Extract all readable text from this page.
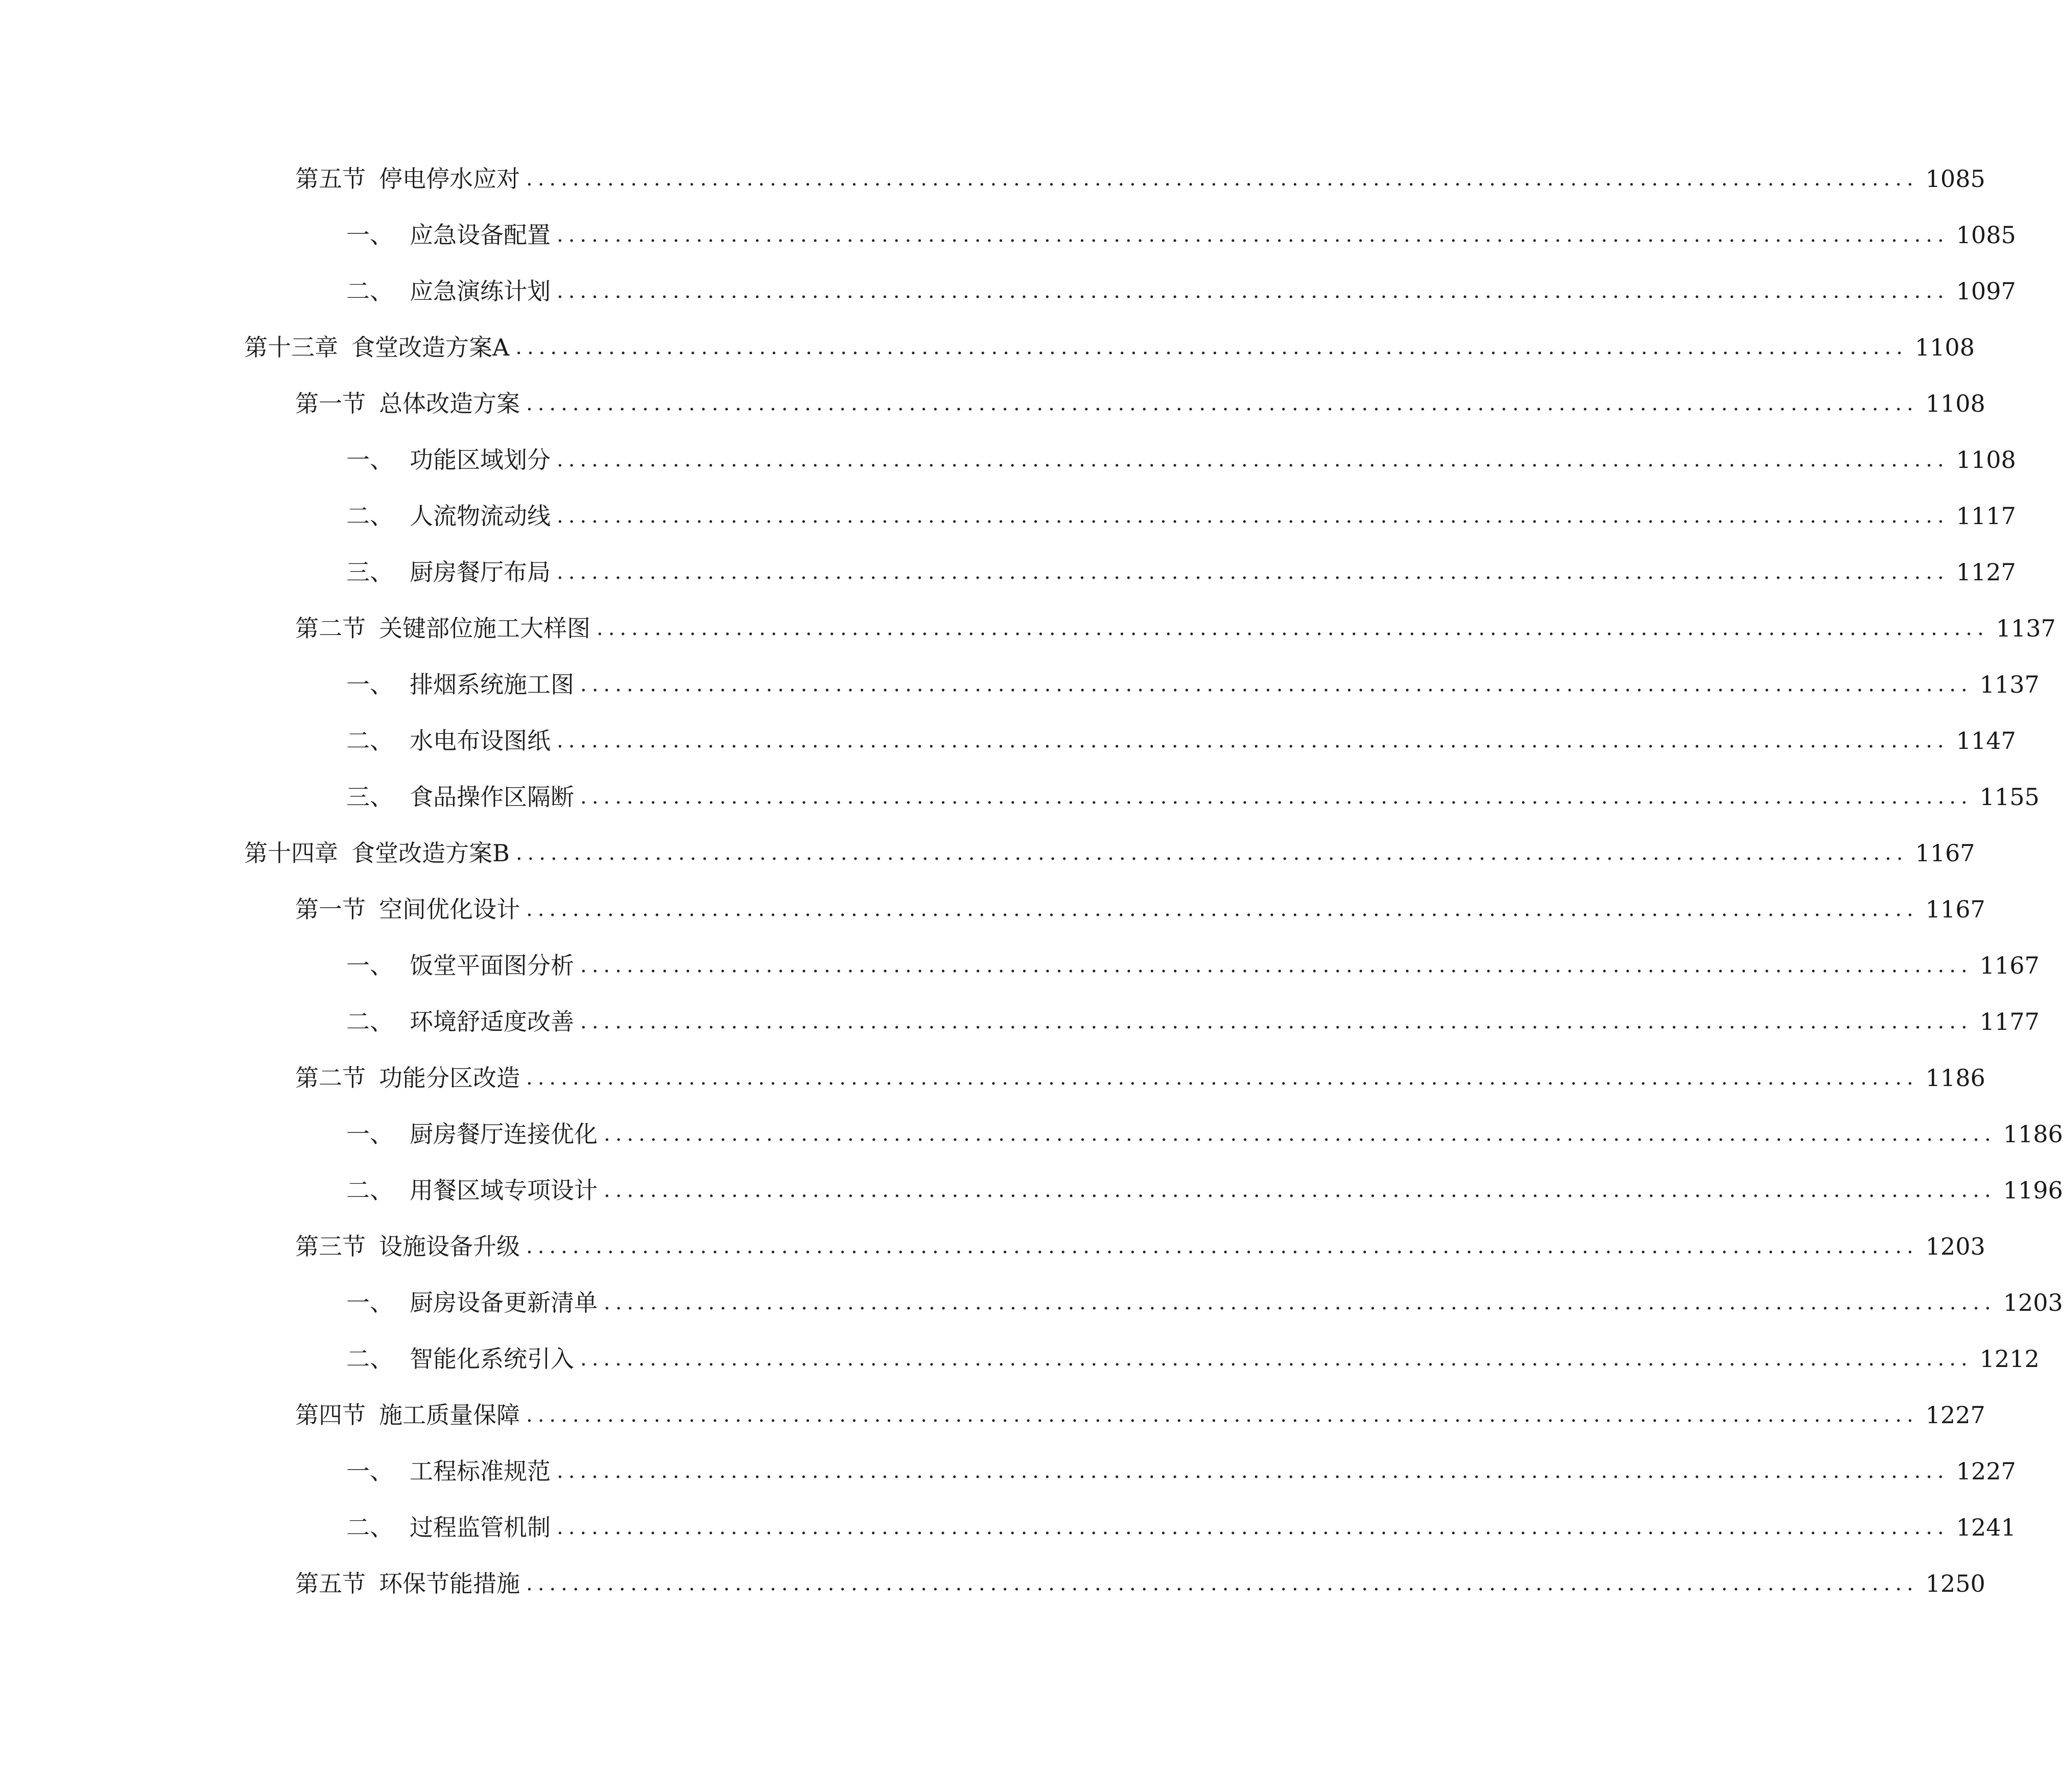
第五节 停电停水应对 ........................................................................................................................ 1085
一、 应急设备配置 ........................................................................................................................ 1085
二、 应急演练计划 ........................................................................................................................ 1097
第十三章 食堂改造方案A ........................................................................................................................ 1108
第一节 总体改造方案 ........................................................................................................................ 1108
一、 功能区域划分 ........................................................................................................................ 1108
二、 人流物流动线 ........................................................................................................................ 1117
三、 厨房餐厅布局 ........................................................................................................................ 1127
第二节 关键部位施工大样图 ........................................................................................................................ 1137
一、 排烟系统施工图 ........................................................................................................................ 1137
二、 水电布设图纸 ........................................................................................................................ 1147
三、 食品操作区隔断 ........................................................................................................................ 1155
第十四章 食堂改造方案B ........................................................................................................................ 1167
第一节 空间优化设计 ........................................................................................................................ 1167
一、 饭堂平面图分析 ........................................................................................................................ 1167
二、 环境舒适度改善 ........................................................................................................................ 1177
第二节 功能分区改造 ........................................................................................................................ 1186
一、 厨房餐厅连接优化 ........................................................................................................................ 1186
二、 用餐区域专项设计 ........................................................................................................................ 1196
第三节 设施设备升级 ........................................................................................................................ 1203
一、 厨房设备更新清单 ........................................................................................................................ 1203
二、 智能化系统引入 ........................................................................................................................ 1212
第四节 施工质量保障 ........................................................................................................................ 1227
一、 工程标准规范 ........................................................................................................................ 1227
二、 过程监管机制 ........................................................................................................................ 1241
第五节 环保节能措施 ........................................................................................................................ 1250
